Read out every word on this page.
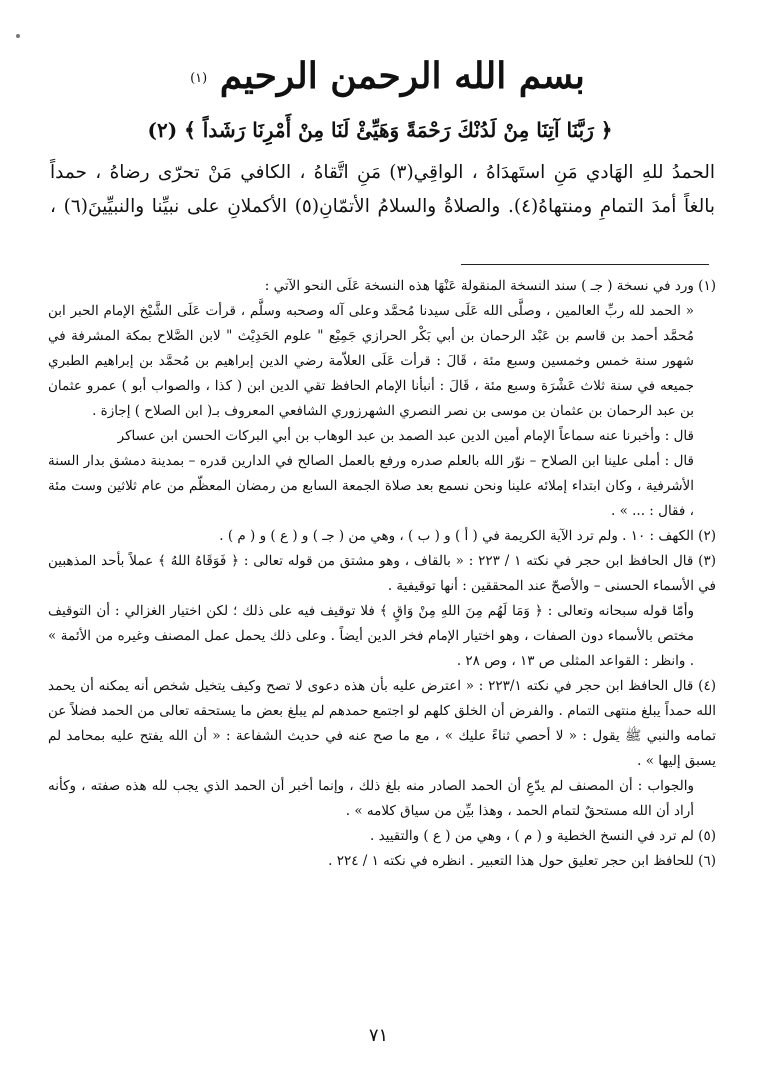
بسم الله الرحمن الرحيم (١)
﴿ رَبَّنَا آتِنَا مِنْ لَدُنْكَ رَحْمَةً وَهَيِّئْ لَنَا مِنْ أَمْرِنَا رَشَداً ﴾ (٢)

الحمدُ للهِ الهَادي مَنِ استَهدَاهُ ، الواقِي(٣) مَنِ اتَّقاهُ ، الكافي مَنْ تحرّى رضاهُ ، حمداً

بالغاً أمدَ التمامِ ومنتهاهُ(٤). والصلاةُ والسلامُ الأتمّانِ(٥) الأكملانِ على نبيِّنا والنبيِّينَ(٦) ،

(١) ورد في نسخة ( جـ ) سند النسخة المنقولة عَنْهَا هذه النسخة عَلَى النحو الآتي :

« الحمد لله ربِّ العالمين ، وصلَّى الله عَلَى سيدنا مُحمَّد وعلى آله وصحبه وسلَّم ، قرأت عَلَى الشَّيْخ الإمام الحبر ابن مُحمَّد أحمد بن قاسم بن عَبْد الرحمان بن أبي بَكْر الحرازي جَمِيْع " علوم الحَدِيْث " لابن الصَّلاح بمكة المشرفة في شهور سنة خمس وخمسين وسبع مئة ، قَالَ : قرأت عَلَى العلاّمة رضي الدين إبراهيم بن مُحمَّد بن إبراهيم الطبري جميعه في سنة ثلاث عَشْرَة وسبع مئة ، قَالَ : أنبأنا الإمام الحافظ تقي الدين ابن ( كذا ، والصواب أبو ) عمرو عثمان بن عبد الرحمان بن عثمان بن موسى بن نصر النصري الشهرزوري الشافعي المعروف بـ( ابن الصلاح ) إجازة .

قال : وأخبرنا عنه سماعاً الإمام أمين الدين عبد الصمد بن عبد الوهاب بن أبي البركات الحسن ابن عساكر

قال : أملى علينا ابن الصلاح – نوّر الله بالعلم صدره ورفع بالعمل الصالح في الدارين قدره – بمدينة دمشق بدار السنة الأشرفية ، وكان ابتداء إملائه علينا ونحن نسمع بعد صلاة الجمعة السابع من رمضان المعظّم من عام ثلاثين وست مئة ، فقال : ... » .

(٢) الكهف : ١٠ . ولم ترد الآية الكريمة في ( أ ) و ( ب ) ، وهي من ( جـ ) و ( ع ) و ( م ) .

(٣) قال الحافظ ابن حجر في نكته ١ / ٢٢٣ : « بالقاف ، وهو مشتق من قوله تعالى : ﴿ فَوَقَاهُ اللهُ ﴾ عملاً بأحد المذهبين في الأسماء الحسنى – والأصحّ عند المحققين : أنها توقيفية .

وأمّا قوله سبحانه وتعالى : ﴿ وَمَا لَهُم مِنَ اللهِ مِنْ وَاقٍ ﴾ فلا توقيف فيه على ذلك ؛ لكن اختيار الغزالي : أن التوقيف مختص بالأسماء دون الصفات ، وهو اختيار الإمام فخر الدين أيضاً . وعلى ذلك يحمل عمل المصنف وغيره من الأئمة » . وانظر : القواعد المثلى ص ١٣ ، وص ٢٨ .

(٤) قال الحافظ ابن حجر في نكته ٢٢٣/١ : « اعترض عليه بأن هذه دعوى لا تصح وكيف يتخيل شخص أنه يمكنه أن يحمد الله حمداً يبلغ منتهى التمام . والفرض أن الخلق كلهم لو اجتمع حمدهم لم يبلغ بعض ما يستحقه تعالى من الحمد فضلاً عن تمامه والنبي ﷺ يقول : « لا أحصي ثناءً عليك » ، مع ما صح عنه في حديث الشفاعة : « أن الله يفتح عليه بمحامد لم يسبق إليها » .

والجواب : أن المصنف لم يدّعِ أن الحمد الصادر منه بلغ ذلك ، وإنما أخبر أن الحمد الذي يجب لله هذه صفته ، وكأنه أراد أن الله مستحقٌ لتمام الحمد ، وهذا بيِّن من سياق كلامه » .

(٥) لم ترد في النسخ الخطية و ( م ) ، وهي من ( ع ) والتقييد .

(٦) للحافظ ابن حجر تعليق حول هذا التعبير . انظره في نكته ١ / ٢٢٤ .

٧١
